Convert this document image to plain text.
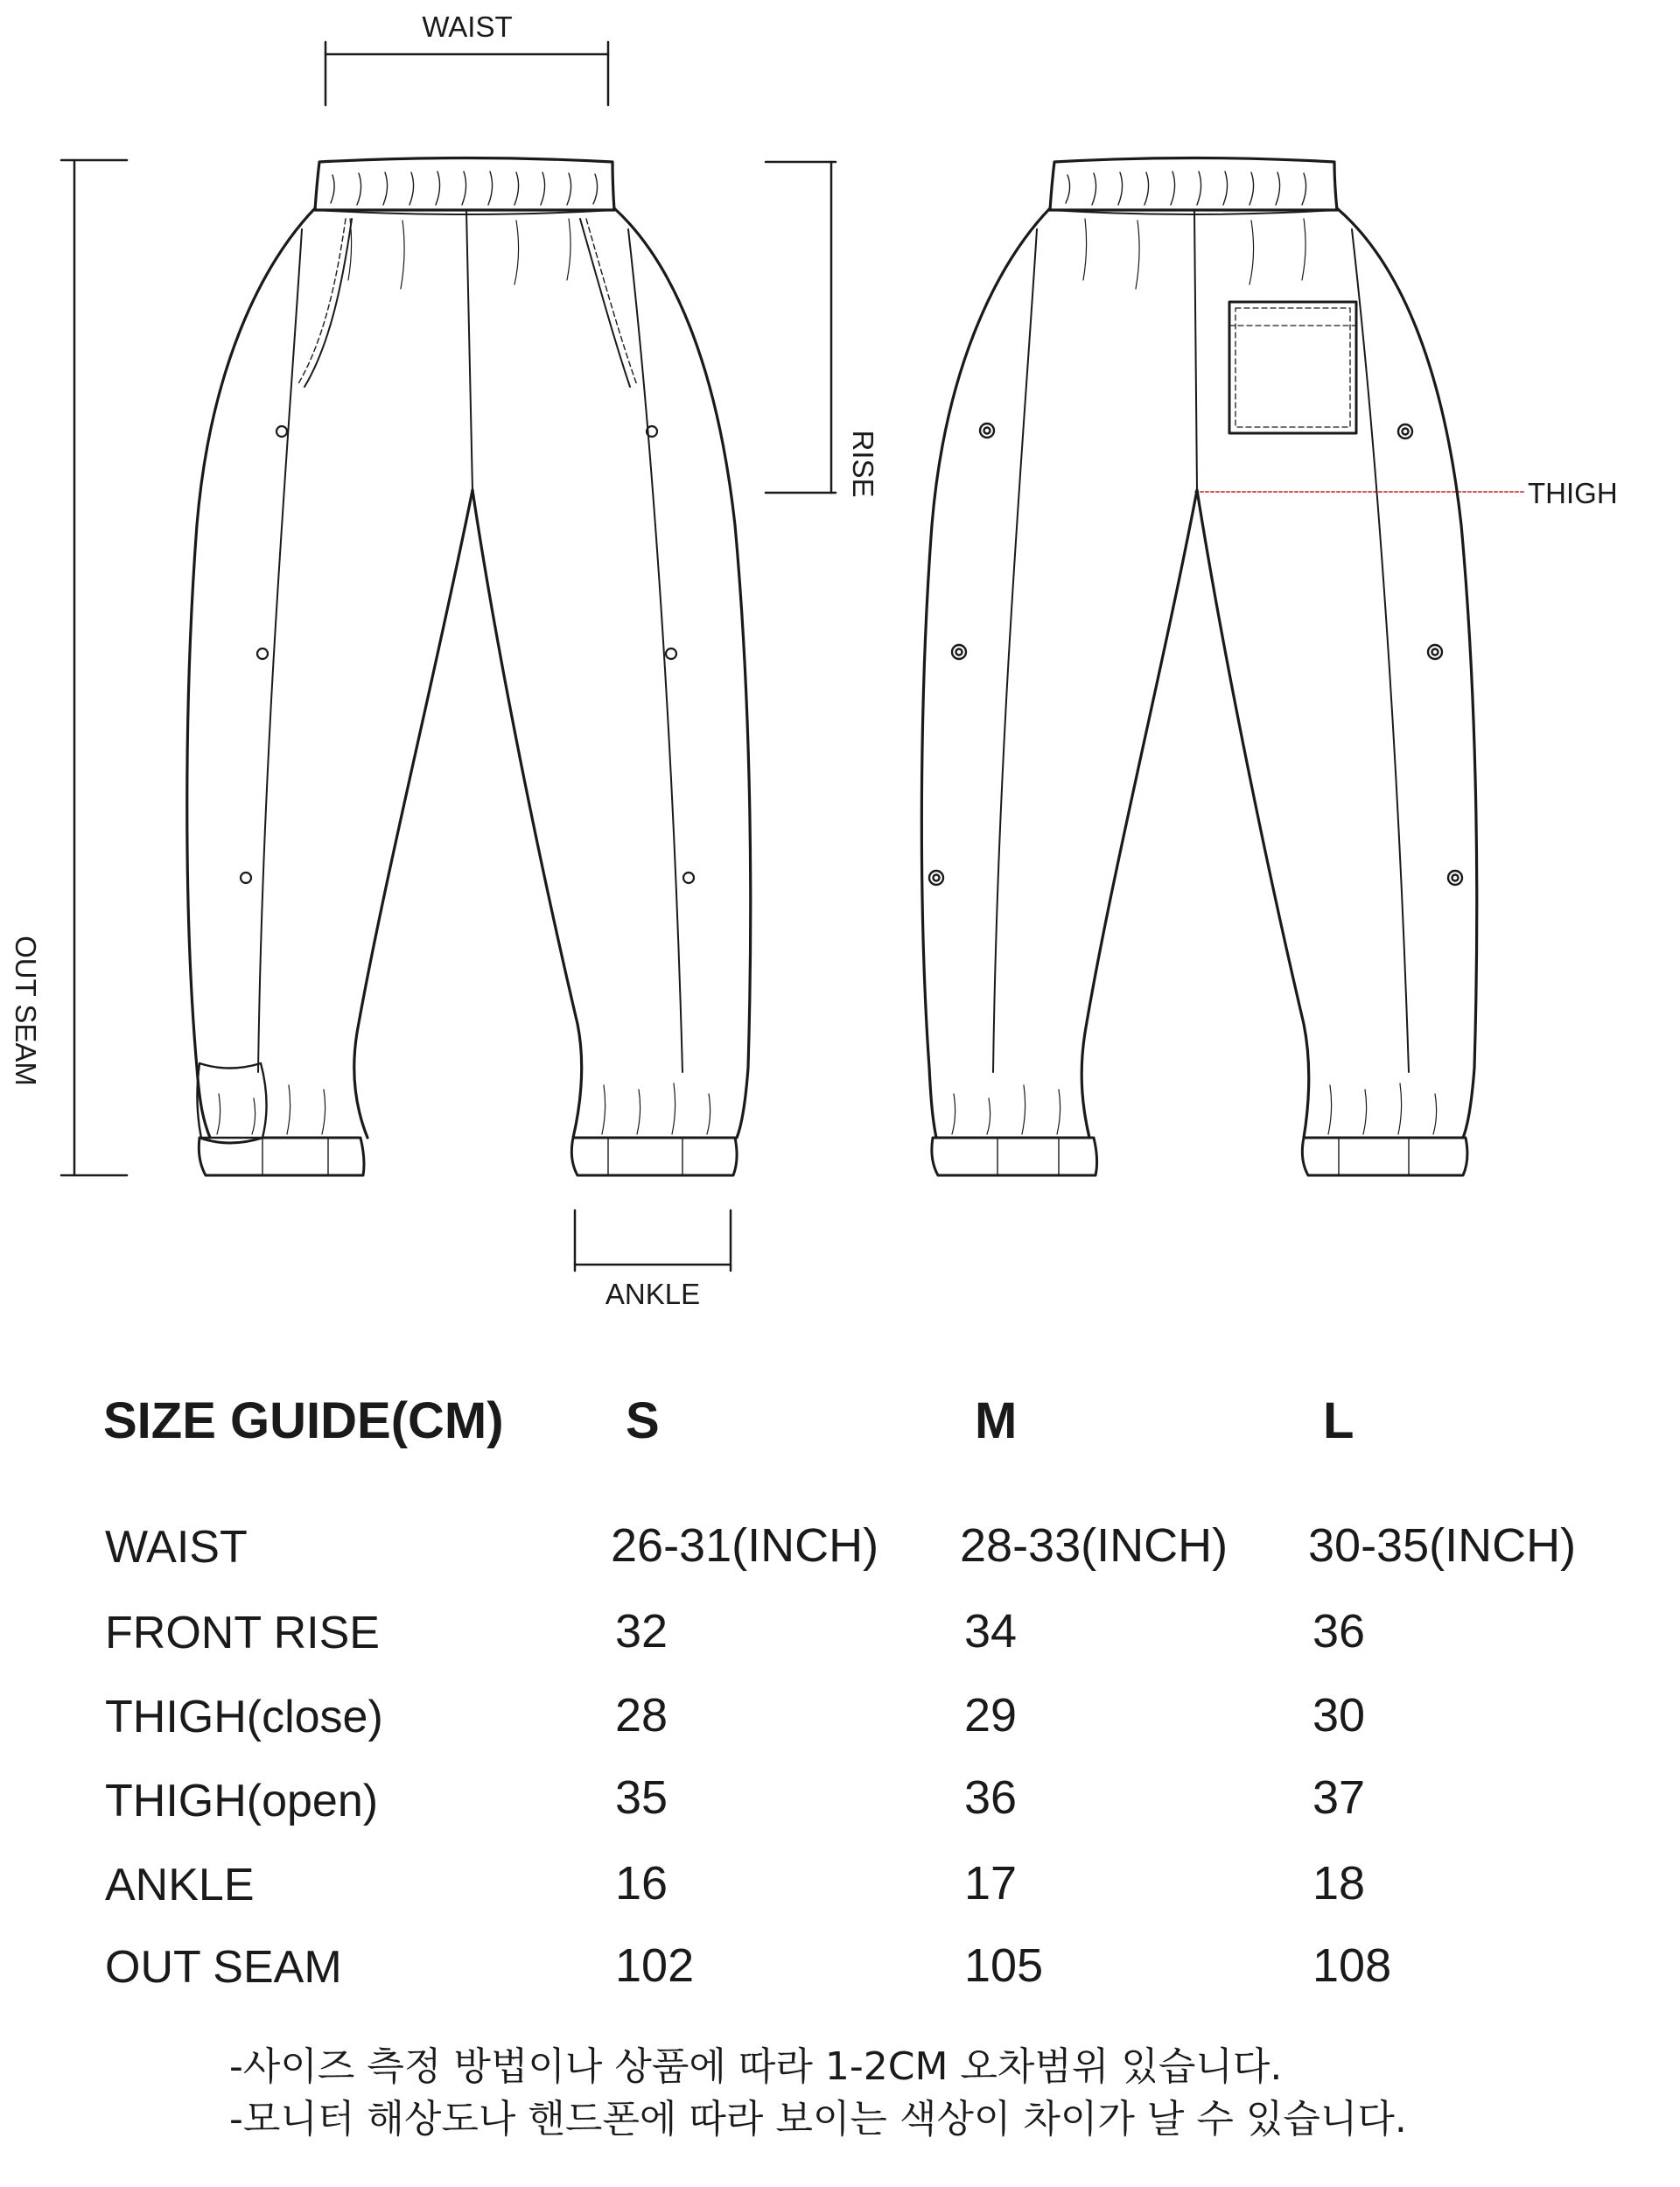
WAIST
RISE	THIGH
OUT SEAM
ANKLE
SIZE GUIDE(CM) S	M	L
WAIST	26-31(INCH) 28-33(INCH) 30-35(INCH)
FRONT RISE	32	34	36
THIGH(close)	28	29	30
THIGH(open)	35	36	37
ANKLE	16	17	18
OUT SEAM	102	105	108
-사이즈 측정 방법이나 상품에 따라 1-2CM 오차범위 있습니다.
-모니터 해상도나 핸드폰에 따라 보이는 색상이 차이가 날 수 있습니다.
